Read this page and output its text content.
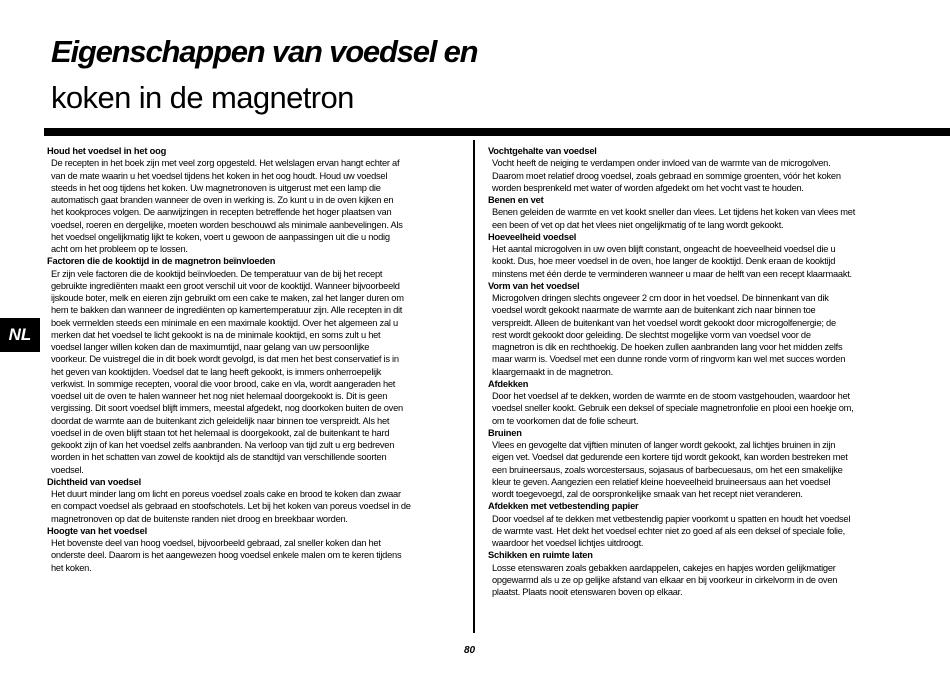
Eigenschappen van voedsel en
koken in de magnetron
NL
Houd het voedsel in het oog

De recepten in het boek zijn met veel zorg opgesteld. Het welslagen ervan hangt echter af
van de mate waarin u het voedsel tijdens het koken in het oog houdt. Houd uw voedsel
steeds in het oog tijdens het koken. Uw magnetronoven is uitgerust met een lamp die
automatisch gaat branden wanneer de oven in werking is. Zo kunt u in de oven kijken en
het kookproces volgen. De aanwijzingen in recepten betreffende het hoger plaatsen van
voedsel, roeren en dergelijke, moeten worden beschouwd als minimale aanbevelingen. Als
het voedsel ongelijkmatig lijkt te koken, voert u gewoon de aanpassingen uit die u nodig
acht om het probleem op te lossen.

Factoren die de kooktijd in de magnetron beïnvloeden

Er zijn vele factoren die de kooktijd beïnvloeden. De temperatuur van de bij het recept
gebruikte ingrediënten maakt een groot verschil uit voor de kooktijd. Wanneer bijvoorbeeld
ijskoude boter, melk en eieren zijn gebruikt om een cake te maken, zal het langer duren om
hem te bakken dan wanneer de ingrediënten op kamertemperatuur zijn. Alle recepten in dit
boek vermelden steeds een minimale en een maximale kooktijd. Over het algemeen zal u
merken dat het voedsel te licht gekookt is na de minimale kooktijd, en soms zult u het
voedsel langer willen koken dan de maximumtijd, naar gelang van uw persoonlijke
voorkeur. De vuistregel die in dit boek wordt gevolgd, is dat men het best conservatief is in
het geven van kooktijden. Voedsel dat te lang heeft gekookt, is immers onherroepelijk
verkwist. In sommige recepten, vooral die voor brood, cake en vla, wordt aangeraden het
voedsel uit de oven te halen wanneer het nog niet helemaal doorgekookt is. Dit is geen
vergissing. Dit soort voedsel blijft immers, meestal afgedekt, nog doorkoken buiten de oven
doordat de warmte aan de buitenkant zich geleidelijk naar binnen toe verspreidt. Als het
voedsel in de oven blijft staan tot het helemaal is doorgekookt, zal de buitenkant te hard
gekookt zijn of kan het voedsel zelfs aanbranden. Na verloop van tijd zult u erg bedreven
worden in het schatten van zowel de kooktijd als de standtijd van verschillende soorten
voedsel.

Dichtheid van voedsel

Het duurt minder lang om licht en poreus voedsel zoals cake en brood te koken dan zwaar
en compact voedsel als gebraad en stoofschotels. Let bij het koken van poreus voedsel in de
magnetronoven op dat de buitenste randen niet droog en breekbaar worden.

Hoogte van het voedsel

Het bovenste deel van hoog voedsel, bijvoorbeeld gebraad, zal sneller koken dan het
onderste deel. Daarom is het aangewezen hoog voedsel enkele malen om te keren tijdens
het koken.

Vochtgehalte van voedsel

Vocht heeft de neiging te verdampen onder invloed van de warmte van de microgolven.
Daarom moet relatief droog voedsel, zoals gebraad en sommige groenten, vóór het koken
worden besprenkeld met water of worden afgedekt om het vocht vast te houden.

Benen en vet

Benen geleiden de warmte en vet kookt sneller dan vlees. Let tijdens het koken van vlees met
een been of vet op dat het vlees niet ongelijkmatig of te lang wordt gekookt.

Hoeveelheid voedsel

Het aantal microgolven in uw oven blijft constant, ongeacht de hoeveelheid voedsel die u
kookt. Dus, hoe meer voedsel in de oven, hoe langer de kooktijd. Denk eraan de kooktijd
minstens met één derde te verminderen wanneer u maar de helft van een recept klaarmaakt.

Vorm van het voedsel

Microgolven dringen slechts ongeveer 2 cm door in het voedsel. De binnenkant van dik
voedsel wordt gekookt naarmate de warmte aan de buitenkant zich naar binnen toe
verspreidt. Alleen de buitenkant van het voedsel wordt gekookt door microgolfenergie; de
rest wordt gekookt door geleiding. De slechtst mogelijke vorm van voedsel voor de
magnetron is dik en rechthoekig. De hoeken zullen aanbranden lang voor het midden zelfs
maar warm is. Voedsel met een dunne ronde vorm of ringvorm kan wel met succes worden
klaargemaakt in de magnetron.

Afdekken

Door het voedsel af te dekken, worden de warmte en de stoom vastgehouden, waardoor het
voedsel sneller kookt. Gebruik een deksel of speciale magnetronfolie en plooi een hoekje om,
om te voorkomen dat de folie scheurt.

Bruinen

Vlees en gevogelte dat vijftien minuten of langer wordt gekookt, zal lichtjes bruinen in zijn
eigen vet. Voedsel dat gedurende een kortere tijd wordt gekookt, kan worden bestreken met
een bruineersaus, zoals worcestersaus, sojasaus of barbecuesaus, om het een smakelijke
kleur te geven. Aangezien een relatief kleine hoeveelheid bruineersaus aan het voedsel
wordt toegevoegd, zal de oorspronkelijke smaak van het recept niet veranderen.

Afdekken met vetbestending papier

Door voedsel af te dekken met vetbestendig papier voorkomt u spatten en houdt het voedsel
de warmte vast. Het dekt het voedsel echter niet zo goed af als een deksel of speciale folie,
waardoor het voedsel lichtjes uitdroogt.

Schikken en ruimte laten

Losse etenswaren zoals gebakken aardappelen, cakejes en hapjes worden gelijkmatiger
opgewarmd als u ze op gelijke afstand van elkaar en bij voorkeur in cirkelvorm in de oven
plaatst. Plaats nooit etenswaren boven op elkaar.

80
